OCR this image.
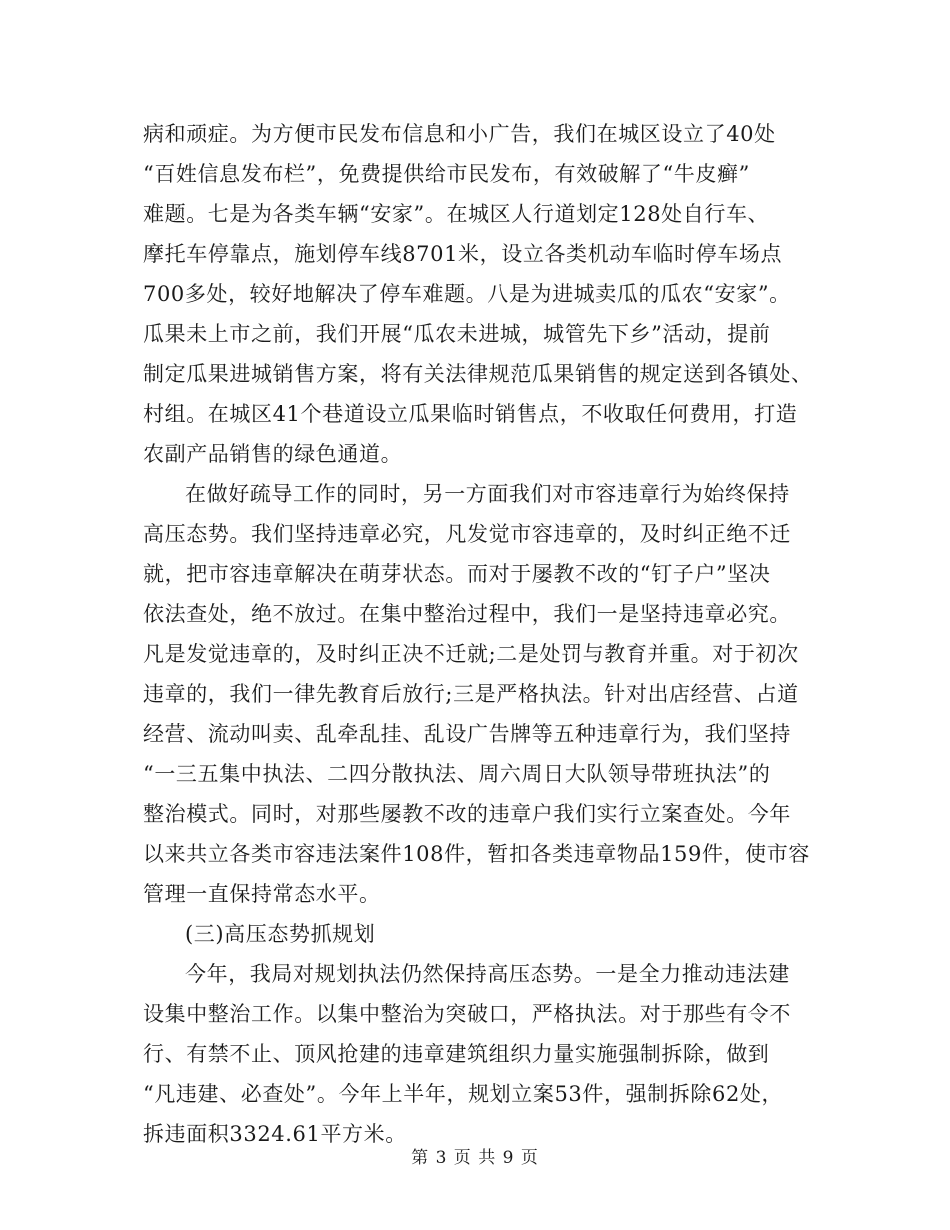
病和顽症。为方便市民发布信息和小广告，我们在城区设立了40处
“百姓信息发布栏”，免费提供给市民发布，有效破解了“牛皮癣”
难题。七是为各类车辆“安家”。在城区人行道划定128处自行车、
摩托车停靠点，施划停车线8701米，设立各类机动车临时停车场点
700多处，较好地解决了停车难题。八是为进城卖瓜的瓜农“安家”。
瓜果未上市之前，我们开展“瓜农未进城，城管先下乡”活动，提前
制定瓜果进城销售方案，将有关法律规范瓜果销售的规定送到各镇处、
村组。在城区41个巷道设立瓜果临时销售点，不收取任何费用，打造
农副产品销售的绿色通道。
在做好疏导工作的同时，另一方面我们对市容违章行为始终保持
高压态势。我们坚持违章必究，凡发觉市容违章的，及时纠正绝不迁
就，把市容违章解决在萌芽状态。而对于屡教不改的“钉子户”坚决
依法查处，绝不放过。在集中整治过程中，我们一是坚持违章必究。
凡是发觉违章的，及时纠正决不迁就;二是处罚与教育并重。对于初次
违章的，我们一律先教育后放行;三是严格执法。针对出店经营、占道
经营、流动叫卖、乱牵乱挂、乱设广告牌等五种违章行为，我们坚持
“一三五集中执法、二四分散执法、周六周日大队领导带班执法”的
整治模式。同时，对那些屡教不改的违章户我们实行立案查处。今年
以来共立各类市容违法案件108件，暂扣各类违章物品159件，使市容
管理一直保持常态水平。
(三)高压态势抓规划
今年，我局对规划执法仍然保持高压态势。一是全力推动违法建
设集中整治工作。以集中整治为突破口，严格执法。对于那些有令不
行、有禁不止、顶风抢建的违章建筑组织力量实施强制拆除，做到
“凡违建、必查处”。今年上半年，规划立案53件，强制拆除62处，
拆违面积3324.61平方米。
第 3 页 共 9 页
